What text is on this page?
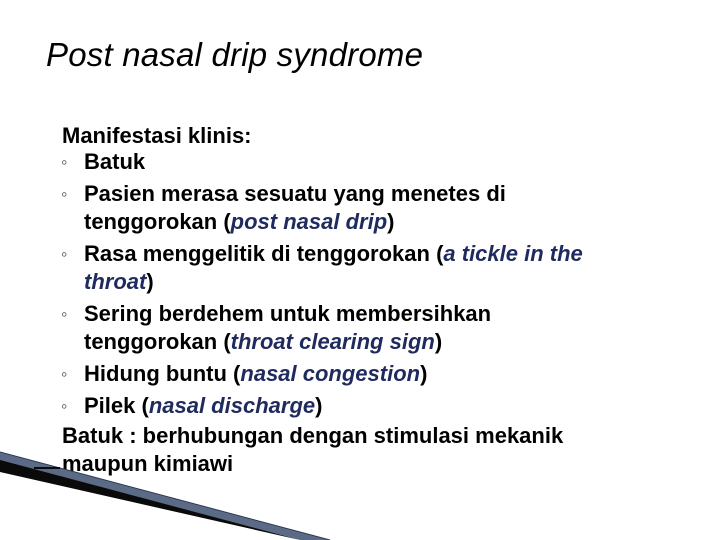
Post nasal drip syndrome
Manifestasi klinis:
◦ Batuk
◦ Pasien merasa sesuatu yang menetes di
tenggorokan (post nasal drip)
◦ Rasa menggelitik di tenggorokan (a tickle in the
throat)
◦ Sering berdehem untuk membersihkan
tenggorokan (throat clearing sign)
◦ Hidung buntu (nasal congestion)
◦ Pilek (nasal discharge)
Batuk : berhubungan dengan stimulasi mekanik
maupun kimiawi
